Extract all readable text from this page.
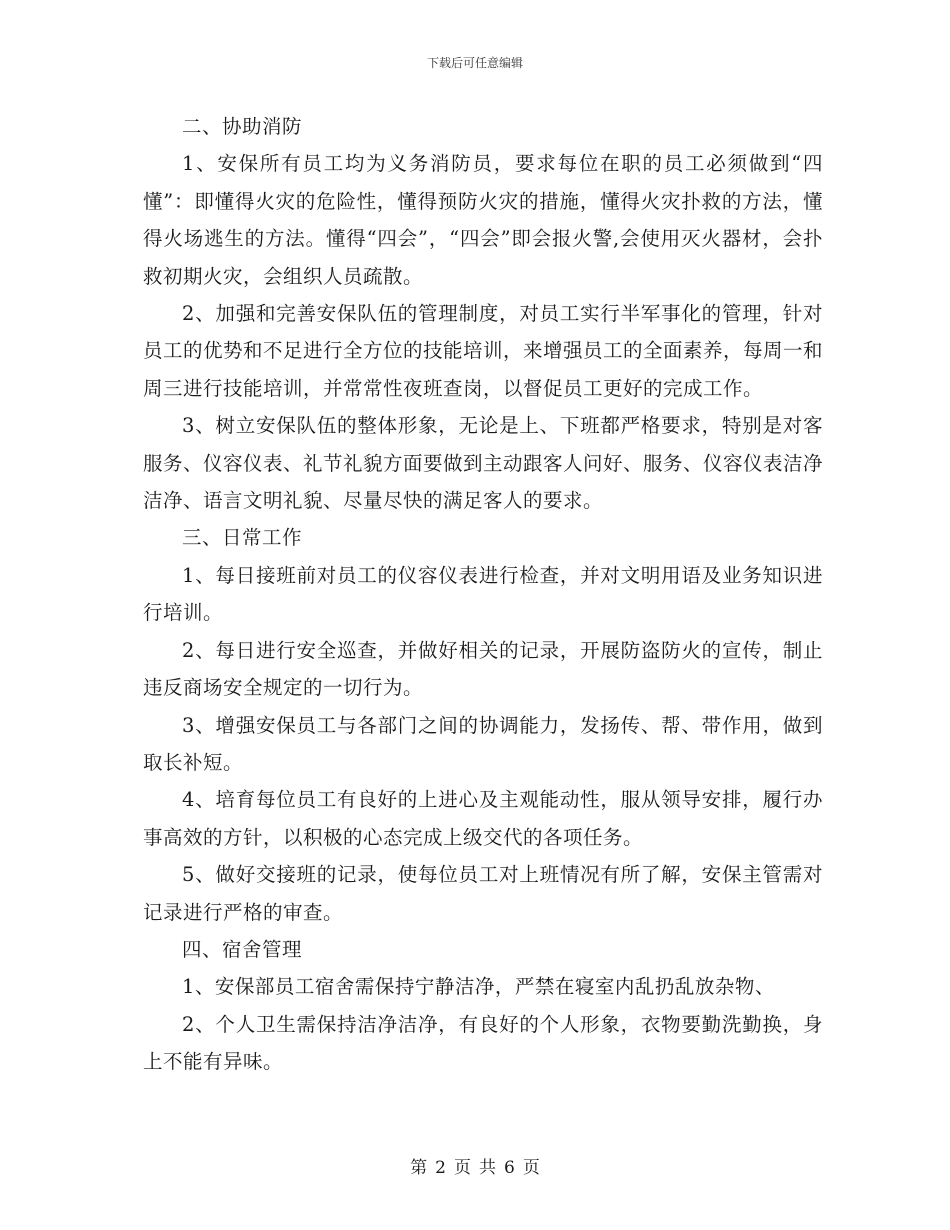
下载后可任意编辑

二、协助消防

1、安保所有员工均为义务消防员，要求每位在职的员工必须做到“四懂”：即懂得火灾的危险性，懂得预防火灾的措施，懂得火灾扑救的方法，懂得火场逃生的方法。懂得“四会”，“四会”即会报火警,会使用灭火器材，会扑救初期火灾，会组织人员疏散。

2、加强和完善安保队伍的管理制度，对员工实行半军事化的管理，针对员工的优势和不足进行全方位的技能培训，来增强员工的全面素养，每周一和周三进行技能培训，并常常性夜班查岗，以督促员工更好的完成工作。

3、树立安保队伍的整体形象，无论是上、下班都严格要求，特别是对客服务、仪容仪表、礼节礼貌方面要做到主动跟客人问好、服务、仪容仪表洁净洁净、语言文明礼貌、尽量尽快的满足客人的要求。

三、日常工作

1、每日接班前对员工的仪容仪表进行检查，并对文明用语及业务知识进行培训。

2、每日进行安全巡查，并做好相关的记录，开展防盗防火的宣传，制止违反商场安全规定的一切行为。

3、增强安保员工与各部门之间的协调能力，发扬传、帮、带作用，做到取长补短。

4、培育每位员工有良好的上进心及主观能动性，服从领导安排，履行办事高效的方针，以积极的心态完成上级交代的各项任务。

5、做好交接班的记录，使每位员工对上班情况有所了解，安保主管需对记录进行严格的审查。

四、宿舍管理

1、安保部员工宿舍需保持宁静洁净，严禁在寝室内乱扔乱放杂物、

2、个人卫生需保持洁净洁净，有良好的个人形象，衣物要勤洗勤换，身上不能有异味。

第 2 页 共 6 页
